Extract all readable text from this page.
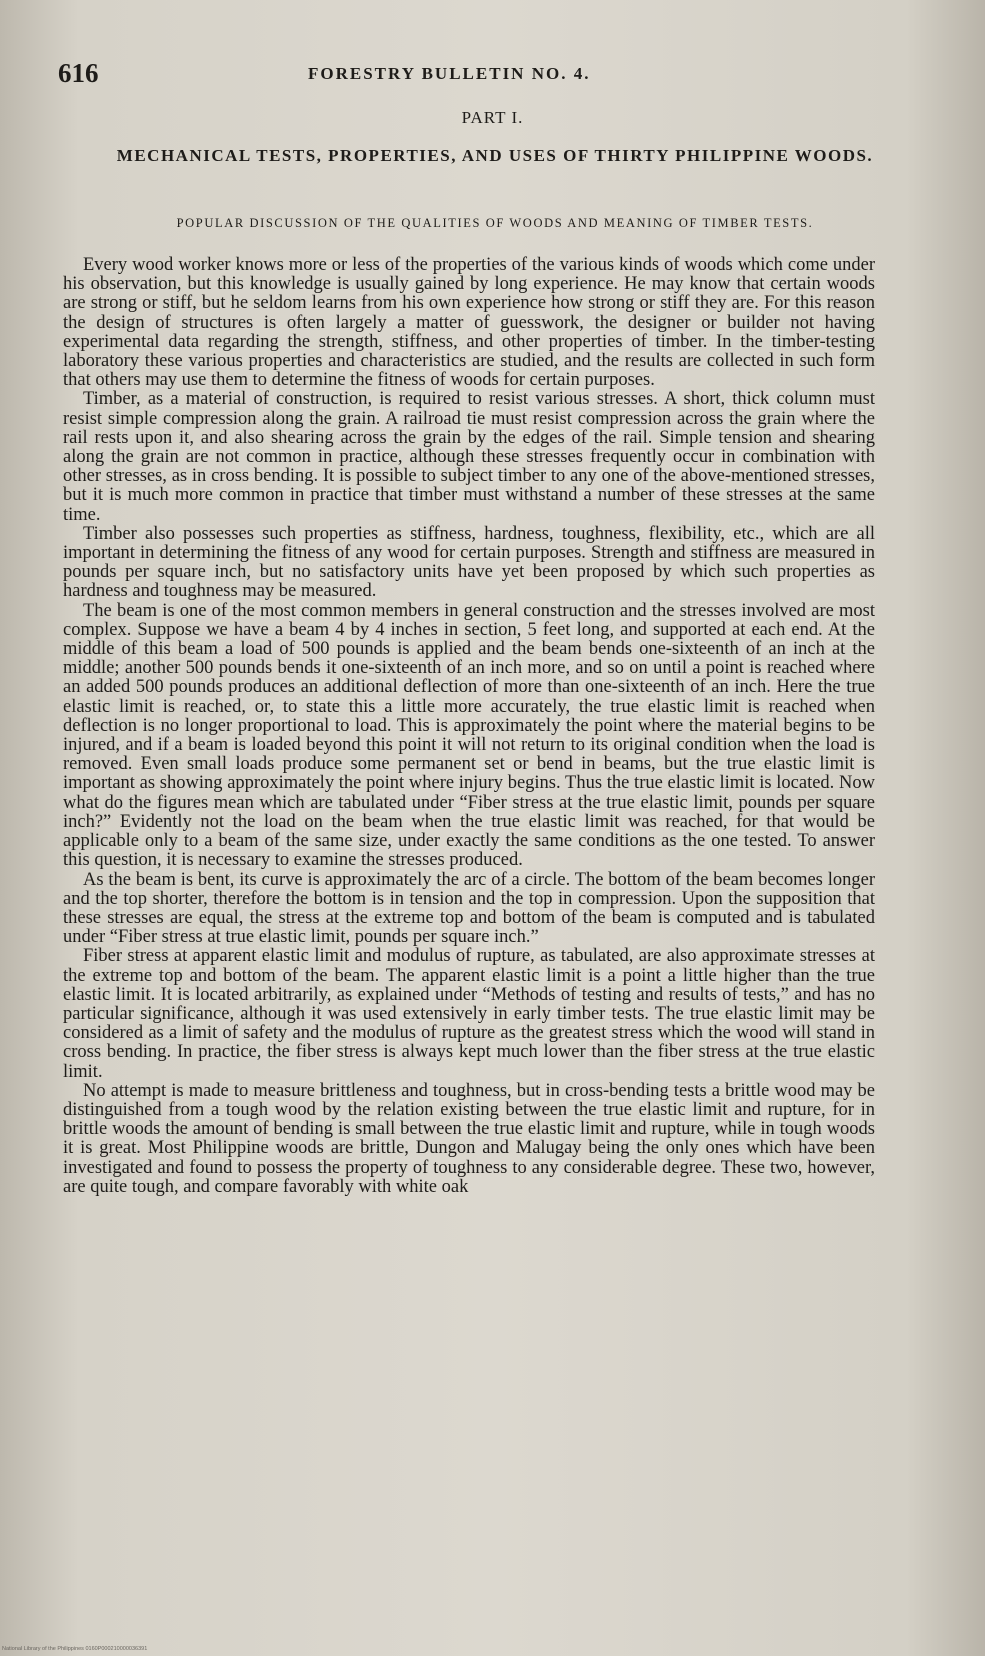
616	FORESTRY BULLETIN NO. 4.
PART I.
MECHANICAL TESTS, PROPERTIES, AND USES OF THIRTY PHILIPPINE WOODS.
POPULAR DISCUSSION OF THE QUALITIES OF WOODS AND MEANING OF TIMBER TESTS.

Every wood worker knows more or less of the properties of the various kinds of woods which come under his observation, but this knowledge is usually gained by long experience. He may know that certain woods are strong or stiff, but he seldom learns from his own experience how strong or stiff they are. For this reason the design of structures is often largely a matter of guesswork, the designer or builder not having experimental data regarding the strength, stiffness, and other properties of timber. In the timber-testing laboratory these various properties and characteristics are studied, and the results are collected in such form that others may use them to determine the fitness of woods for certain purposes.

Timber, as a material of construction, is required to resist various stresses. A short, thick column must resist simple compression along the grain. A railroad tie must resist compression across the grain where the rail rests upon it, and also shearing across the grain by the edges of the rail. Simple tension and shearing along the grain are not common in practice, although these stresses frequently occur in combination with other stresses, as in cross bending. It is possible to subject timber to any one of the above-mentioned stresses, but it is much more common in practice that timber must withstand a number of these stresses at the same time.

Timber also possesses such properties as stiffness, hardness, toughness, flexibility, etc., which are all important in determining the fitness of any wood for certain purposes. Strength and stiffness are measured in pounds per square inch, but no satisfactory units have yet been proposed by which such properties as hardness and toughness may be measured.

The beam is one of the most common members in general construction and the stresses involved are most complex. Suppose we have a beam 4 by 4 inches in section, 5 feet long, and supported at each end. At the middle of this beam a load of 500 pounds is applied and the beam bends one-sixteenth of an inch at the middle; another 500 pounds bends it one-sixteenth of an inch more, and so on until a point is reached where an added 500 pounds produces an additional deflection of more than one-sixteenth of an inch. Here the true elastic limit is reached, or, to state this a little more accurately, the true elastic limit is reached when deflection is no longer proportional to load. This is approximately the point where the material begins to be injured, and if a beam is loaded beyond this point it will not return to its original condition when the load is removed. Even small loads produce some permanent set or bend in beams, but the true elastic limit is important as showing approximately the point where injury begins. Thus the true elastic limit is located. Now what do the figures mean which are tabulated under “Fiber stress at the true elastic limit, pounds per square inch?” Evidently not the load on the beam when the true elastic limit was reached, for that would be applicable only to a beam of the same size, under exactly the same conditions as the one tested. To answer this question, it is necessary to examine the stresses produced.

As the beam is bent, its curve is approximately the arc of a circle. The bottom of the beam becomes longer and the top shorter, therefore the bottom is in tension and the top in compression. Upon the supposition that these stresses are equal, the stress at the extreme top and bottom of the beam is computed and is tabulated under “Fiber stress at true elastic limit, pounds per square inch.”

Fiber stress at apparent elastic limit and modulus of rupture, as tabulated, are also approximate stresses at the extreme top and bottom of the beam. The apparent elastic limit is a point a little higher than the true elastic limit. It is located arbitrarily, as explained under “Methods of testing and results of tests,” and has no particular significance, although it was used extensively in early timber tests. The true elastic limit may be considered as a limit of safety and the modulus of rupture as the greatest stress which the wood will stand in cross bending. In practice, the fiber stress is always kept much lower than the fiber stress at the true elastic limit.

No attempt is made to measure brittleness and toughness, but in cross-bending tests a brittle wood may be distinguished from a tough wood by the relation existing between the true elastic limit and rupture, for in brittle woods the amount of bending is small between the true elastic limit and rupture, while in tough woods it is great. Most Philippine woods are brittle, Dungon and Malugay being the only ones which have been investigated and found to possess the property of toughness to any considerable degree. These two, however, are quite tough, and compare favorably with white oak

National Library of the Philippines 0160P000210000036391
